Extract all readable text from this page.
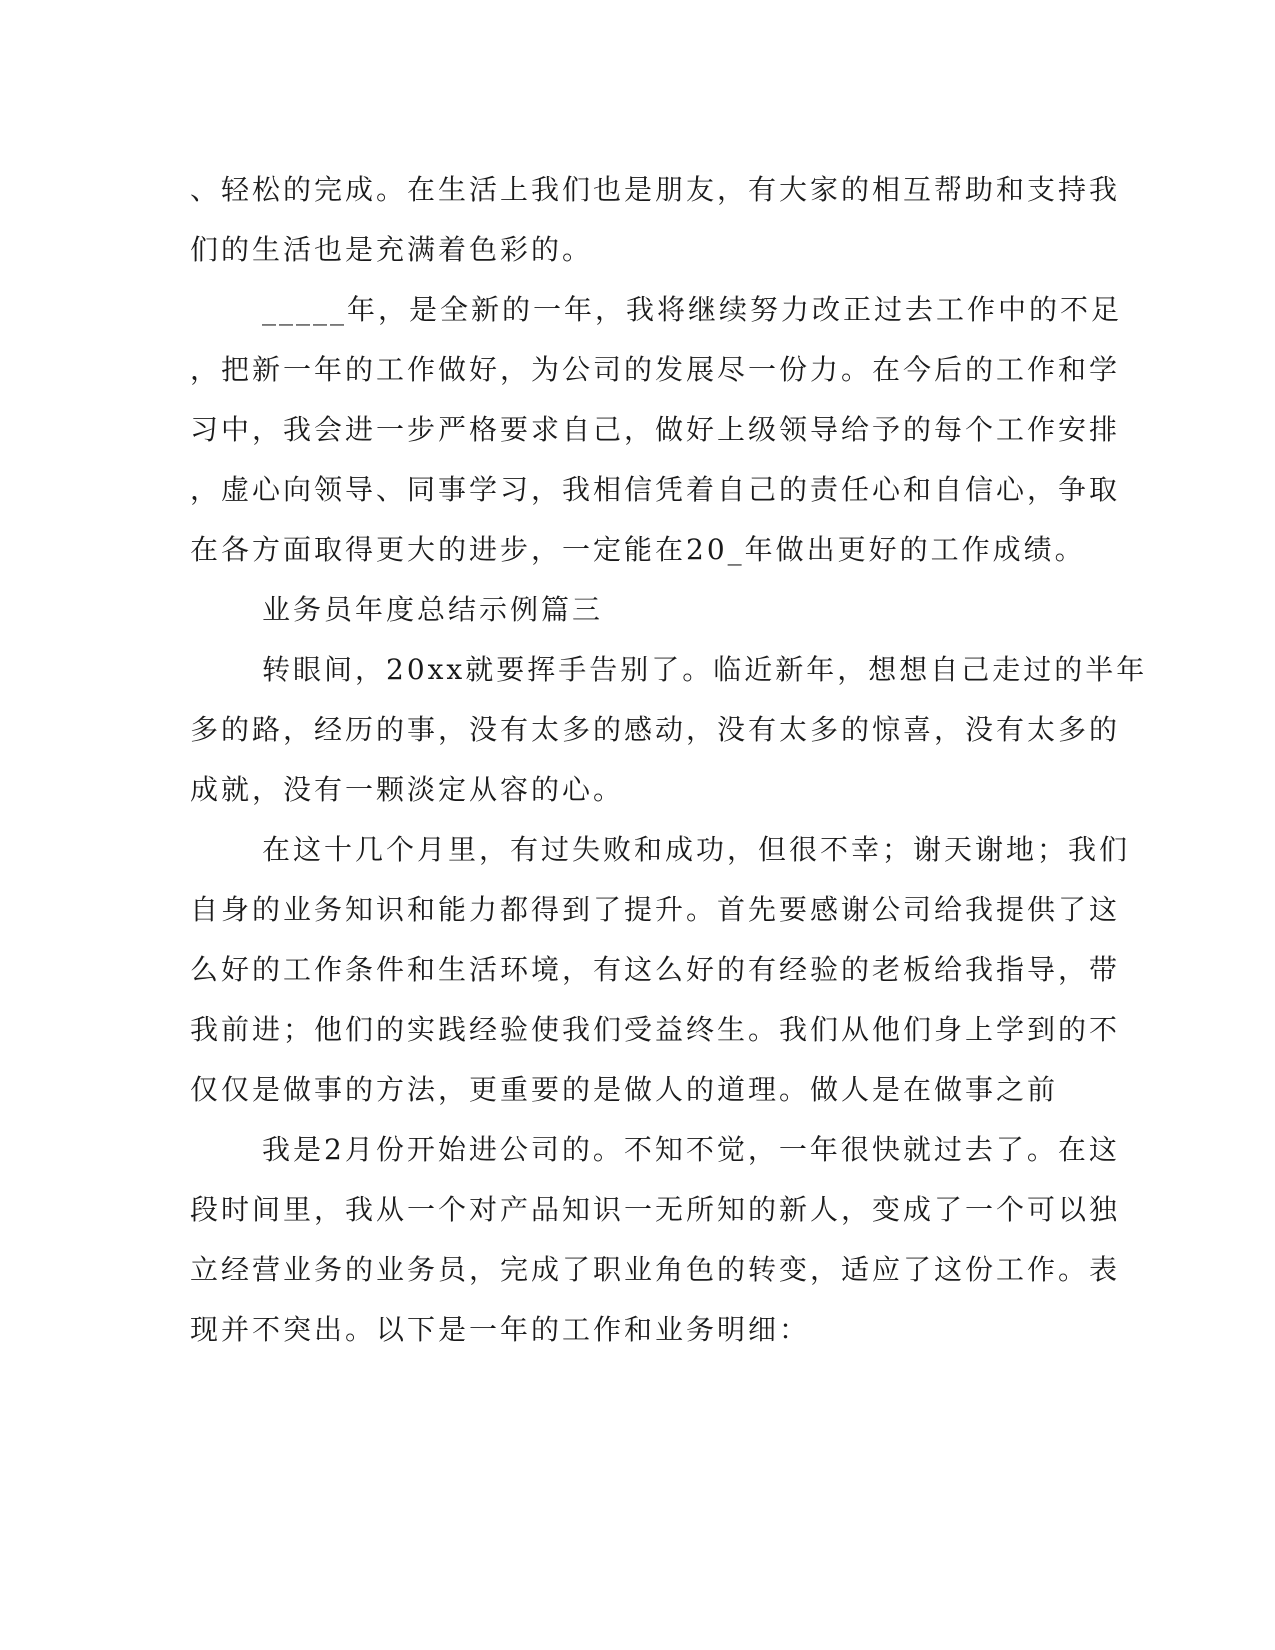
、轻松的完成。在生活上我们也是朋友，有大家的相互帮助和支持我
们的生活也是充满着色彩的。
_____年，是全新的一年，我将继续努力改正过去工作中的不足
，把新一年的工作做好，为公司的发展尽一份力。在今后的工作和学
习中，我会进一步严格要求自己，做好上级领导给予的每个工作安排
，虚心向领导、同事学习，我相信凭着自己的责任心和自信心，争取
在各方面取得更大的进步，一定能在20_年做出更好的工作成绩。
业务员年度总结示例篇三
转眼间，20xx就要挥手告别了。临近新年，想想自己走过的半年
多的路，经历的事，没有太多的感动，没有太多的惊喜，没有太多的
成就，没有一颗淡定从容的心。
在这十几个月里，有过失败和成功，但很不幸；谢天谢地；我们
自身的业务知识和能力都得到了提升。首先要感谢公司给我提供了这
么好的工作条件和生活环境，有这么好的有经验的老板给我指导，带
我前进；他们的实践经验使我们受益终生。我们从他们身上学到的不
仅仅是做事的方法，更重要的是做人的道理。做人是在做事之前
我是2月份开始进公司的。不知不觉，一年很快就过去了。在这
段时间里，我从一个对产品知识一无所知的新人，变成了一个可以独
立经营业务的业务员，完成了职业角色的转变，适应了这份工作。表
现并不突出。以下是一年的工作和业务明细：
